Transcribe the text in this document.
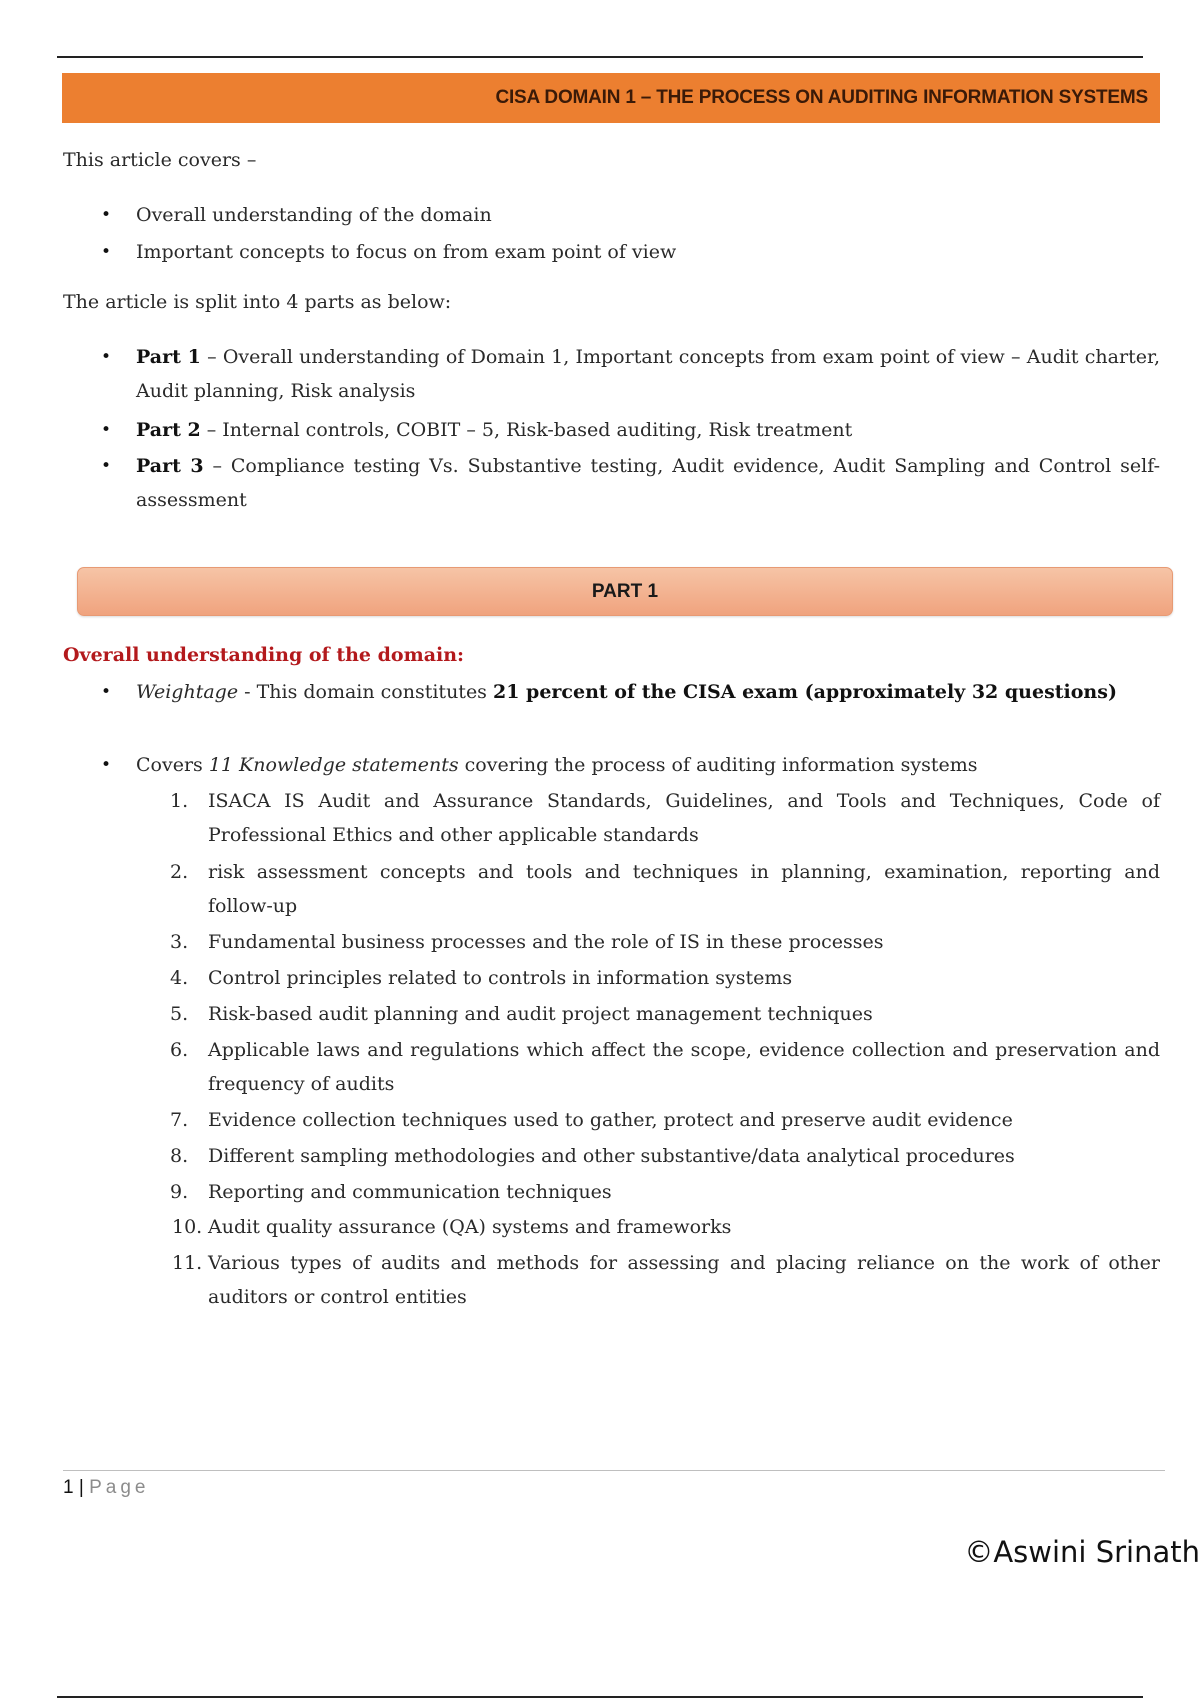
CISA DOMAIN 1 – THE PROCESS ON AUDITING INFORMATION SYSTEMS
This article covers –
• Overall understanding of the domain
• Important concepts to focus on from exam point of view
The article is split into 4 parts as below:
• Part 1 – Overall understanding of Domain 1, Important concepts from exam point of view – Audit charter, Audit planning, Risk analysis
• Part 2 – Internal controls, COBIT – 5, Risk-based auditing, Risk treatment
• Part 3 – Compliance testing Vs. Substantive testing, Audit evidence, Audit Sampling and Control self-assessment
PART 1
Overall understanding of the domain:
• Weightage - This domain constitutes 21 percent of the CISA exam (approximately 32 questions)
• Covers 11 Knowledge statements covering the process of auditing information systems
1. ISACA IS Audit and Assurance Standards, Guidelines, and Tools and Techniques, Code of Professional Ethics and other applicable standards
2. risk assessment concepts and tools and techniques in planning, examination, reporting and follow-up
3. Fundamental business processes and the role of IS in these processes
4. Control principles related to controls in information systems
5. Risk-based audit planning and audit project management techniques
6. Applicable laws and regulations which affect the scope, evidence collection and preservation and frequency of audits
7. Evidence collection techniques used to gather, protect and preserve audit evidence
8. Different sampling methodologies and other substantive/data analytical procedures
9. Reporting and communication techniques
10. Audit quality assurance (QA) systems and frameworks
11. Various types of audits and methods for assessing and placing reliance on the work of other auditors or control entities
1 | Page
©Aswini Srinath
